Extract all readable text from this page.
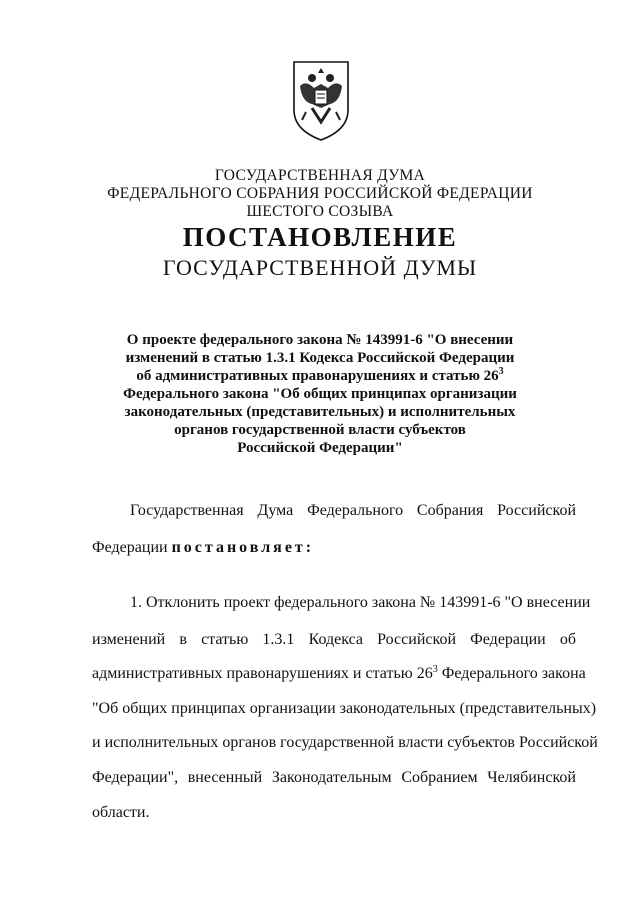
ГОСУДАРСТВЕННАЯ ДУМА
ФЕДЕРАЛЬНОГО СОБРАНИЯ РОССИЙСКОЙ ФЕДЕРАЦИИ
ШЕСТОГО СОЗЫВА
ПОСТАНОВЛЕНИЕ
ГОСУДАРСТВЕННОЙ ДУМЫ
О проекте федерального закона № 143991-6 "О внесении
изменений в статью 1.3.1 Кодекса Российской Федерации
об административных правонарушениях и статью $26^3$
Федерального закона "Об общих принципах организации
законодательных (представительных) и исполнительных
органов государственной власти субъектов
Российской Федерации"
Государственная Дума Федерального Собрания Российской
Федерации постановляет:
1. Отклонить проект федерального закона № 143991-6 "О внесении
изменений в статью 1.3.1 Кодекса Российской Федерации об
административных правонарушениях и статью $26^3$ Федерального закона
"Об общих принципах организации законодательных (представительных)
и исполнительных органов государственной власти субъектов Российской
Федерации", внесенный Законодательным Собранием Челябинской
области.
